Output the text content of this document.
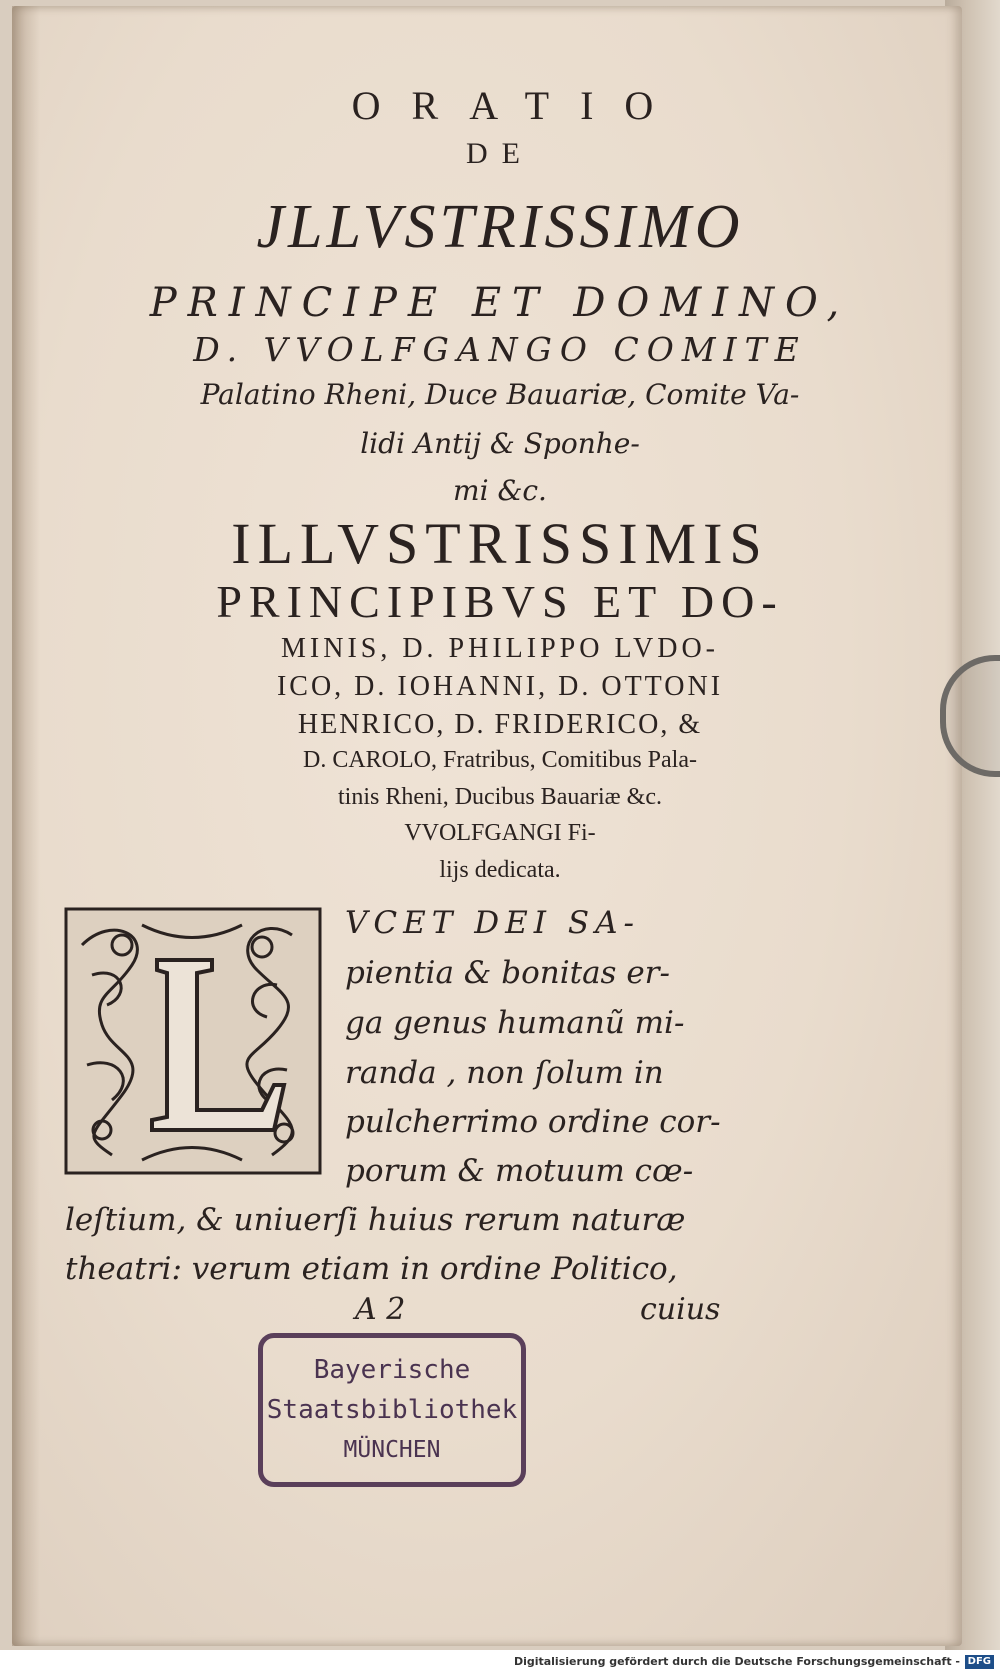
ORATIO
DE
JLLVSTRISSIMO
PRINCIPE ET DOMINO,
D. VVOLFGANGO COMITE
Palatino Rheni, Duce Bauariæ, Comite Va-
lidi Antij & Sponhe-
mi &c.
ILLVSTRISSIMIS
PRINCIPIBVS ET DO-
MINIS, D. PHILIPPO LVDO-
ICO, D. IOHANNI, D. OTTONI
HENRICO, D. FRIDERICO, &
D. CAROLO, Fratribus, Comitibus Pala-
tinis Rheni, Ducibus Bauariæ &c.
VVOLFGANGI Fi-
lijs dedicata.
VCET DEI SA-
pientia & bonitas er-
ga genus humanũ mi-
randa , non ſolum in
pulcherrimo ordine cor-
porum & motuum cœ-
leſtium, & uniuerſi huius rerum naturæ
theatri: verum etiam in ordine Politico,
A 2	cuius
Bayerische
Staatsbibliothek
MÜNCHEN
Digitalisierung gefördert durch die Deutsche Forschungsgemeinschaft - DFG
